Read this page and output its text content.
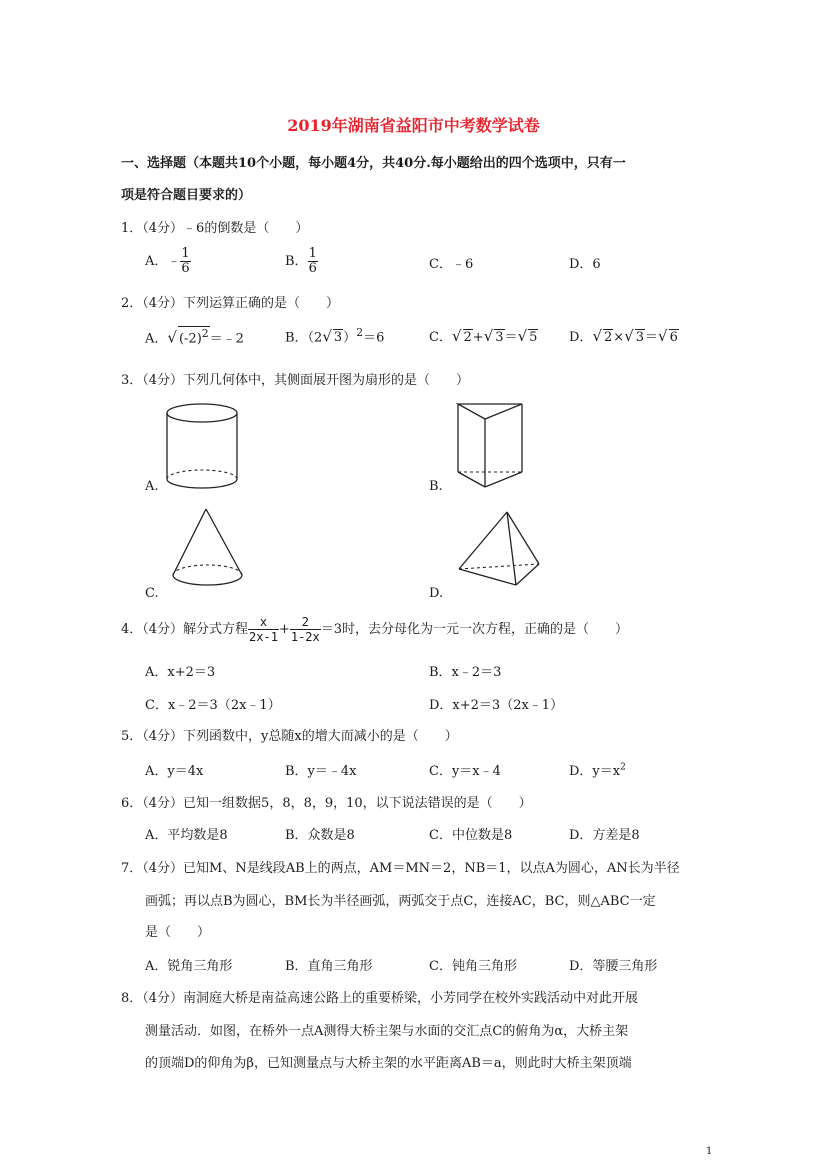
2019年湖南省益阳市中考数学试卷
一、选择题（本题共10个小题，每小题4分，共40分.每小题给出的四个选项中，只有一
项是符合题目要求的）
1．（4分）﹣6的倒数是（　　）
A．﹣ $\frac{1}{6}$	B． $\frac{1}{6}$	C．﹣6	D．6
2．（4分）下列运算正确的是（　　）
A．√ $(-2)^2=﹣2$	B．（2√ 3）$^2$＝6	C．√ 2+√ 3＝√ 5 D．√ 2×√ 3＝√ 6
3．（4分）下列几何体中，其侧面展开图为扇形的是（　　）
A.	B.
C.	D.
4．（4分）解分式方程 $\frac{x}{2x-1} + \frac{2}{1-2x} =3$时，去分母化为一元一次方程，正确的是（　　）
A．x+2＝3	B．x﹣2＝3
C．x﹣2＝3（2x﹣1）	D．x+2＝3（2x﹣1）
5．（4分）下列函数中，y总随x的增大而减小的是（　　）
A．y＝4x	B．y＝﹣4x	C．y＝x﹣4	D．$y=x^2$
6．（4分）已知一组数据5，8，8，9，10，以下说法错误的是（　　）
A．平均数是8	B．众数是8	C．中位数是8	D．方差是8
7．（4分）已知M、N是线段AB上的两点，AM＝MN＝2，NB＝1，以点A为圆心，AN长为半径
画弧；再以点B为圆心，BM长为半径画弧，两弧交于点C，连接AC，BC，则△ABC一定
是（　　）
A．锐角三角形	B．直角三角形	C．钝角三角形	D．等腰三角形
8．（4分）南洞庭大桥是南益高速公路上的重要桥梁，小芳同学在校外实践活动中对此开展
测量活动．如图，在桥外一点A测得大桥主架与水面的交汇点C的俯角为α，大桥主架
的顶端D的仰角为β，已知测量点与大桥主架的水平距离AB＝a，则此时大桥主架顶端
1
